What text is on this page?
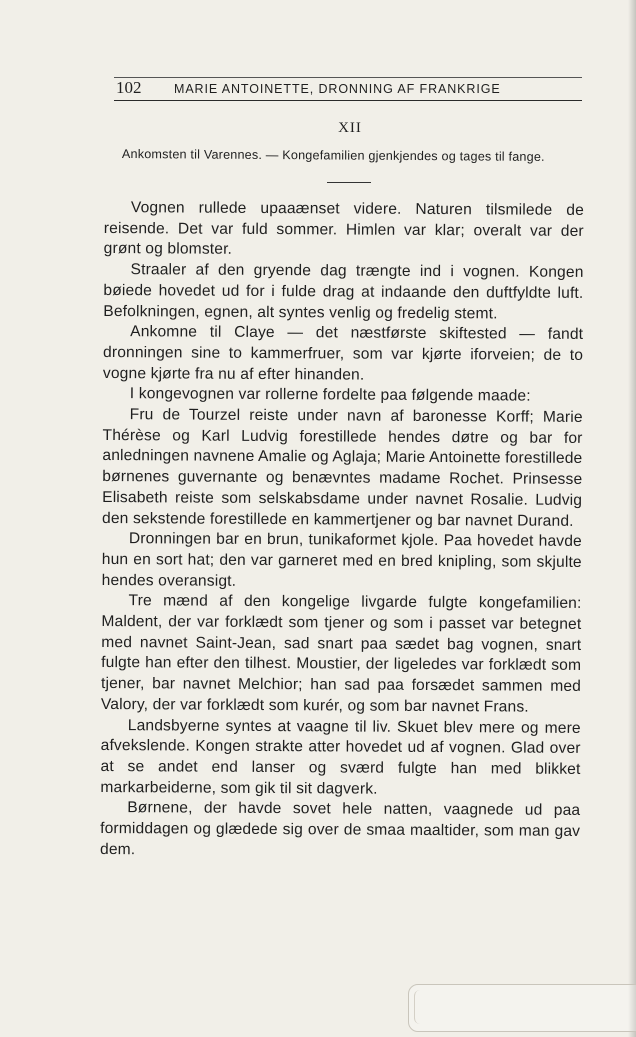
102	MARIE ANTOINETTE, DRONNING AF FRANKRIGE
XII
Ankomsten til Varennes. — Kongefamilien gjenkjendes og tages til fange.

Vognen rullede upaaænset videre. Naturen tilsmilede de reisende. Det var fuld sommer. Himlen var klar; overalt var der grønt og blomster.

Straaler af den gryende dag trængte ind i vognen. Kongen bøiede hovedet ud for i fulde drag at indaande den duftfyldte luft. Befolkningen, egnen, alt syntes venlig og fredelig stemt.

Ankomne til Claye — det næstførste skiftested — fandt dronningen sine to kammerfruer, som var kjørte iforveien; de to vogne kjørte fra nu af efter hinanden.

I kongevognen var rollerne fordelte paa følgende maade:

Fru de Tourzel reiste under navn af baronesse Korff; Marie Thérèse og Karl Ludvig forestillede hendes døtre og bar for anledningen navnene Amalie og Aglaja; Marie Antoinette forestillede børnenes guvernante og benævntes madame Rochet. Prinsesse Elisabeth reiste som selskabsdame under navnet Rosalie. Ludvig den sekstende forestillede en kammertjener og bar navnet Durand.

Dronningen bar en brun, tunikaformet kjole. Paa hovedet havde hun en sort hat; den var garneret med en bred knipling, som skjulte hendes overansigt.

Tre mænd af den kongelige livgarde fulgte kongefamilien: Maldent, der var forklædt som tjener og som i passet var betegnet med navnet Saint-Jean, sad snart paa sædet bag vognen, snart fulgte han efter den tilhest. Moustier, der ligeledes var forklædt som tjener, bar navnet Melchior; han sad paa forsædet sammen med Valory, der var forklædt som kurér, og som bar navnet Frans.

Landsbyerne syntes at vaagne til liv. Skuet blev mere og mere afvekslende. Kongen strakte atter hovedet ud af vognen. Glad over at se andet end lanser og sværd fulgte han med blikket markarbeiderne, som gik til sit dagverk.

Børnene, der havde sovet hele natten, vaagnede ud paa formiddagen og glædede sig over de smaa maaltider, som man gav dem.
